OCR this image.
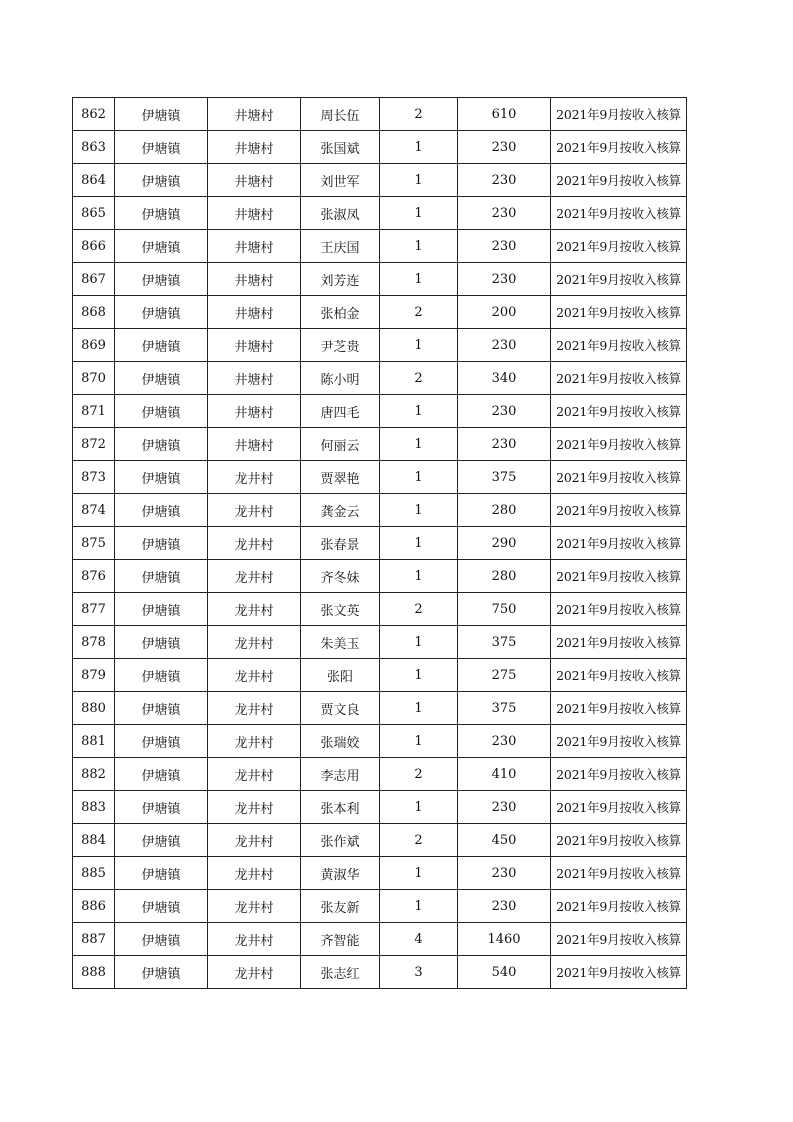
862	伊塘镇	井塘村	周长伍	2	610	2021年9月按收入核算
863	伊塘镇	井塘村	张国斌	1	230	2021年9月按收入核算
864	伊塘镇	井塘村	刘世军	1	230	2021年9月按收入核算
865	伊塘镇	井塘村	张淑凤	1	230	2021年9月按收入核算
866	伊塘镇	井塘村	王庆国	1	230	2021年9月按收入核算
867	伊塘镇	井塘村	刘芳连	1	230	2021年9月按收入核算
868	伊塘镇	井塘村	张柏金	2	200	2021年9月按收入核算
869	伊塘镇	井塘村	尹芝贵	1	230	2021年9月按收入核算
870	伊塘镇	井塘村	陈小明	2	340	2021年9月按收入核算
871	伊塘镇	井塘村	唐四毛	1	230	2021年9月按收入核算
872	伊塘镇	井塘村	何丽云	1	230	2021年9月按收入核算
873	伊塘镇	龙井村	贾翠艳	1	375	2021年9月按收入核算
874	伊塘镇	龙井村	龚金云	1	280	2021年9月按收入核算
875	伊塘镇	龙井村	张春景	1	290	2021年9月按收入核算
876	伊塘镇	龙井村	齐冬妹	1	280	2021年9月按收入核算
877	伊塘镇	龙井村	张文英	2	750	2021年9月按收入核算
878	伊塘镇	龙井村	朱美玉	1	375	2021年9月按收入核算
879	伊塘镇	龙井村	张阳	1	275	2021年9月按收入核算
880	伊塘镇	龙井村	贾文良	1	375	2021年9月按收入核算
881	伊塘镇	龙井村	张瑞姣	1	230	2021年9月按收入核算
882	伊塘镇	龙井村	李志用	2	410	2021年9月按收入核算
883	伊塘镇	龙井村	张本利	1	230	2021年9月按收入核算
884	伊塘镇	龙井村	张作斌	2	450	2021年9月按收入核算
885	伊塘镇	龙井村	黄淑华	1	230	2021年9月按收入核算
886	伊塘镇	龙井村	张友新	1	230	2021年9月按收入核算
887	伊塘镇	龙井村	齐智能	4	1460	2021年9月按收入核算
888	伊塘镇	龙井村	张志红	3	540	2021年9月按收入核算
